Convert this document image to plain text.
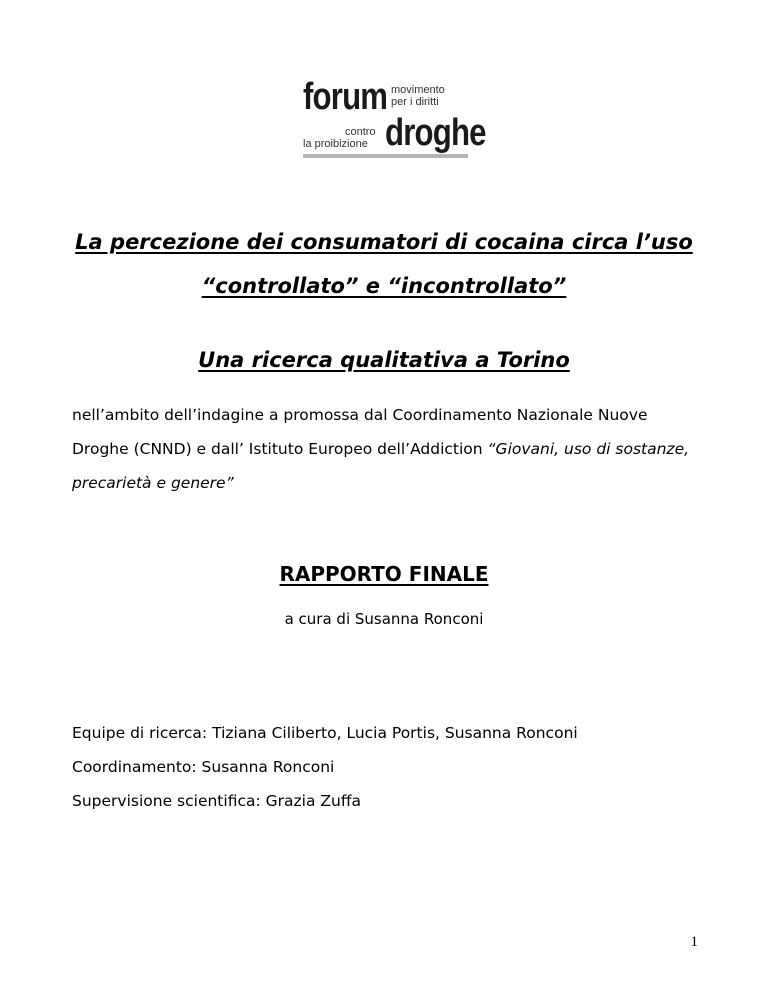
forum movimento
per i diritti
contro
la proibizione droghe
La percezione dei consumatori di cocaina circa l’uso
“controllato” e “incontrollato”
Una ricerca qualitativa a Torino
nell’ambito dell’indagine a promossa dal Coordinamento Nazionale Nuove Droghe (CNND) e dall’ Istituto Europeo dell’Addiction “Giovani, uso di sostanze, precarietà e genere”
RAPPORTO FINALE
a cura di Susanna Ronconi
Equipe di ricerca: Tiziana Ciliberto, Lucia Portis, Susanna Ronconi
Coordinamento: Susanna Ronconi
Supervisione scientifica: Grazia Zuffa
1
